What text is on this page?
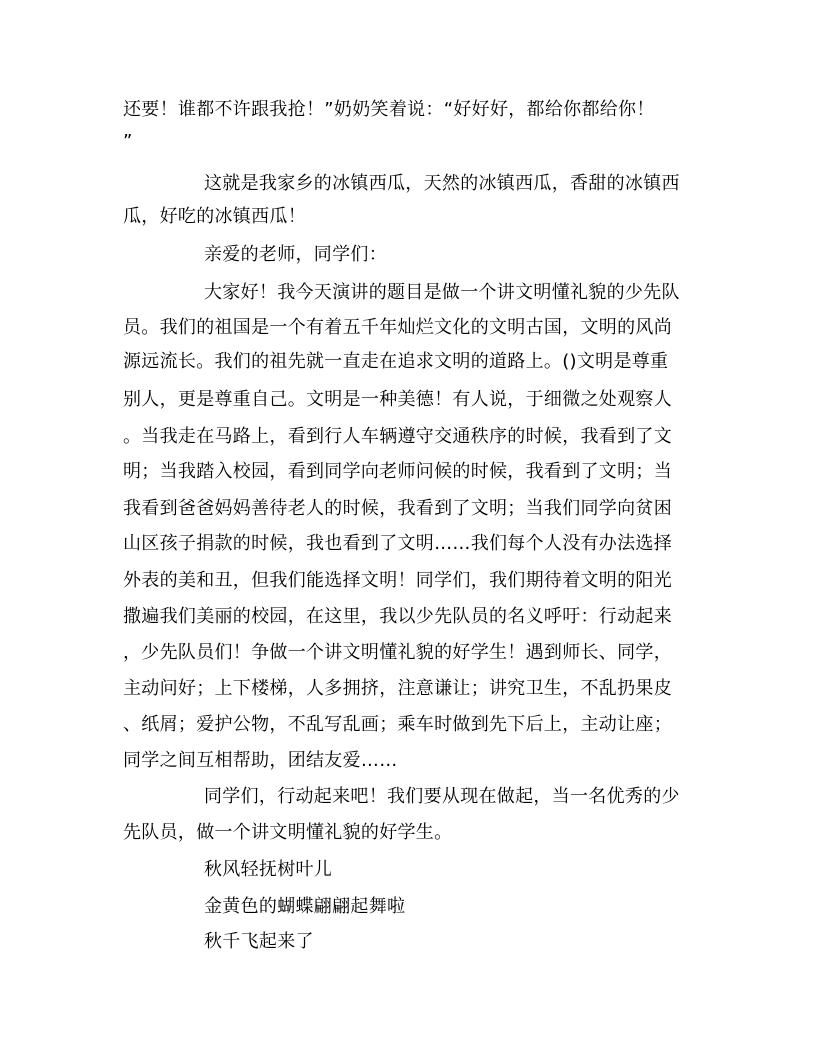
还要！谁都不许跟我抢！”奶奶笑着说：“好好好，都给你都给你！
”
这就是我家乡的冰镇西瓜，天然的冰镇西瓜，香甜的冰镇西
瓜，好吃的冰镇西瓜！
亲爱的老师，同学们：
大家好！我今天演讲的题目是做一个讲文明懂礼貌的少先队
员。我们的祖国是一个有着五千年灿烂文化的文明古国，文明的风尚
源远流长。我们的祖先就一直走在追求文明的道路上。()文明是尊重
别人，更是尊重自己。文明是一种美德！有人说，于细微之处观察人
。当我走在马路上，看到行人车辆遵守交通秩序的时候，我看到了文
明；当我踏入校园，看到同学向老师问候的时候，我看到了文明；当
我看到爸爸妈妈善待老人的时候，我看到了文明；当我们同学向贫困
山区孩子捐款的时候，我也看到了文明……我们每个人没有办法选择
外表的美和丑，但我们能选择文明！同学们，我们期待着文明的阳光
撒遍我们美丽的校园，在这里，我以少先队员的名义呼吁：行动起来
，少先队员们！争做一个讲文明懂礼貌的好学生！遇到师长、同学，
主动问好；上下楼梯，人多拥挤，注意谦让；讲究卫生，不乱扔果皮
、纸屑；爱护公物，不乱写乱画；乘车时做到先下后上，主动让座；
同学之间互相帮助，团结友爱……
同学们，行动起来吧！我们要从现在做起，当一名优秀的少
先队员，做一个讲文明懂礼貌的好学生。
秋风轻抚树叶儿
金黄色的蝴蝶翩翩起舞啦
秋千飞起来了
